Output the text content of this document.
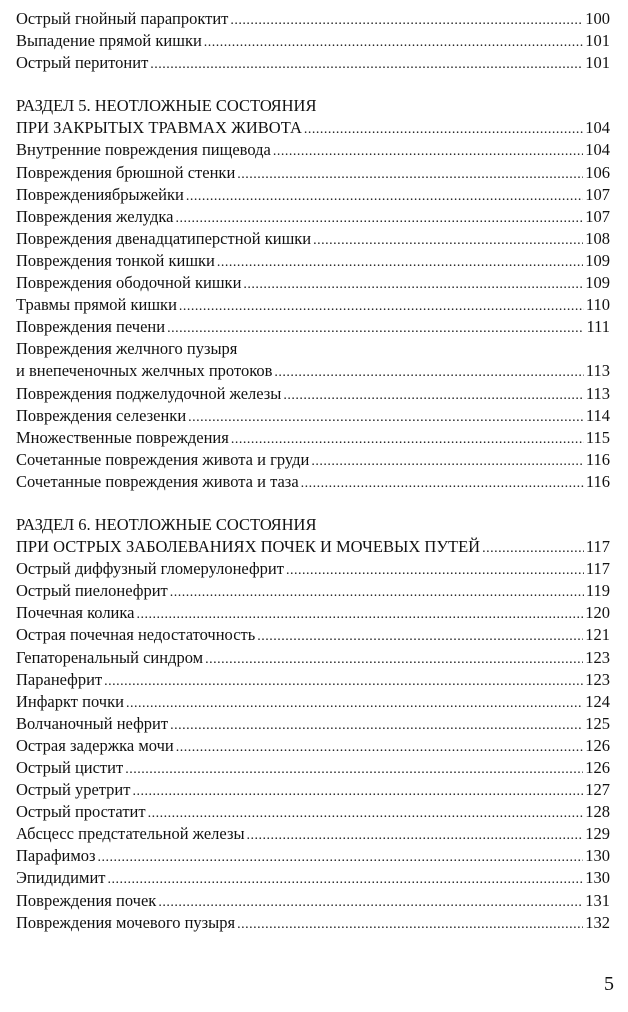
Острый гнойный парапроктит . . .	100
Выпадение прямой кишки . . .	101
Острый перитонит . . .	101
РАЗДЕЛ 5. НЕОТЛОЖНЫЕ СОСТОЯНИЯ
ПРИ ЗАКРЫТЫХ ТРАВМАХ ЖИВОТА . . .	104
Внутренние повреждения пищевода . . .	104
Повреждения брюшной стенки . . .	106
Повреждениябрыжейки . . .	107
Повреждения желудка . . .	107
Повреждения двенадцатиперстной кишки . . .	108
Повреждения тонкой кишки . . .	109
Повреждения ободочной кишки . . .	109
Травмы прямой кишки . . .	110
Повреждения печени . . .	111
Повреждения желчного пузыря
и внепеченочных желчных протоков . . .	113
Повреждения поджелудочной железы . . .	113
Повреждения селезенки . . .	114
Множественные повреждения . . .	115
Сочетанные повреждения живота и груди . . .	116
Сочетанные повреждения живота и таза . . .	116
РАЗДЕЛ 6. НЕОТЛОЖНЫЕ СОСТОЯНИЯ
ПРИ ОСТРЫХ ЗАБОЛЕВАНИЯХ ПОЧЕК И МОЧЕВЫХ ПУТЕЙ . . .	117
Острый диффузный гломерулонефрит . . .	117
Острый пиелонефрит . . .	119
Почечная колика . . .	120
Острая почечная недостаточность . . .	121
Гепаторенальный синдром . . .	123
Паранефрит . . .	123
Инфаркт почки . . .	124
Волчаночный нефрит . . .	125
Острая задержка мочи . . .	126
Острый цистит . . .	126
Острый уретрит . . .	127
Острый простатит . . .	128
Абсцесс предстательной железы . . .	129
Парафимоз . . .	130
Эпидидимит . . .	130
Повреждения почек . . .	131
Повреждения мочевого пузыря . . .	132
5
